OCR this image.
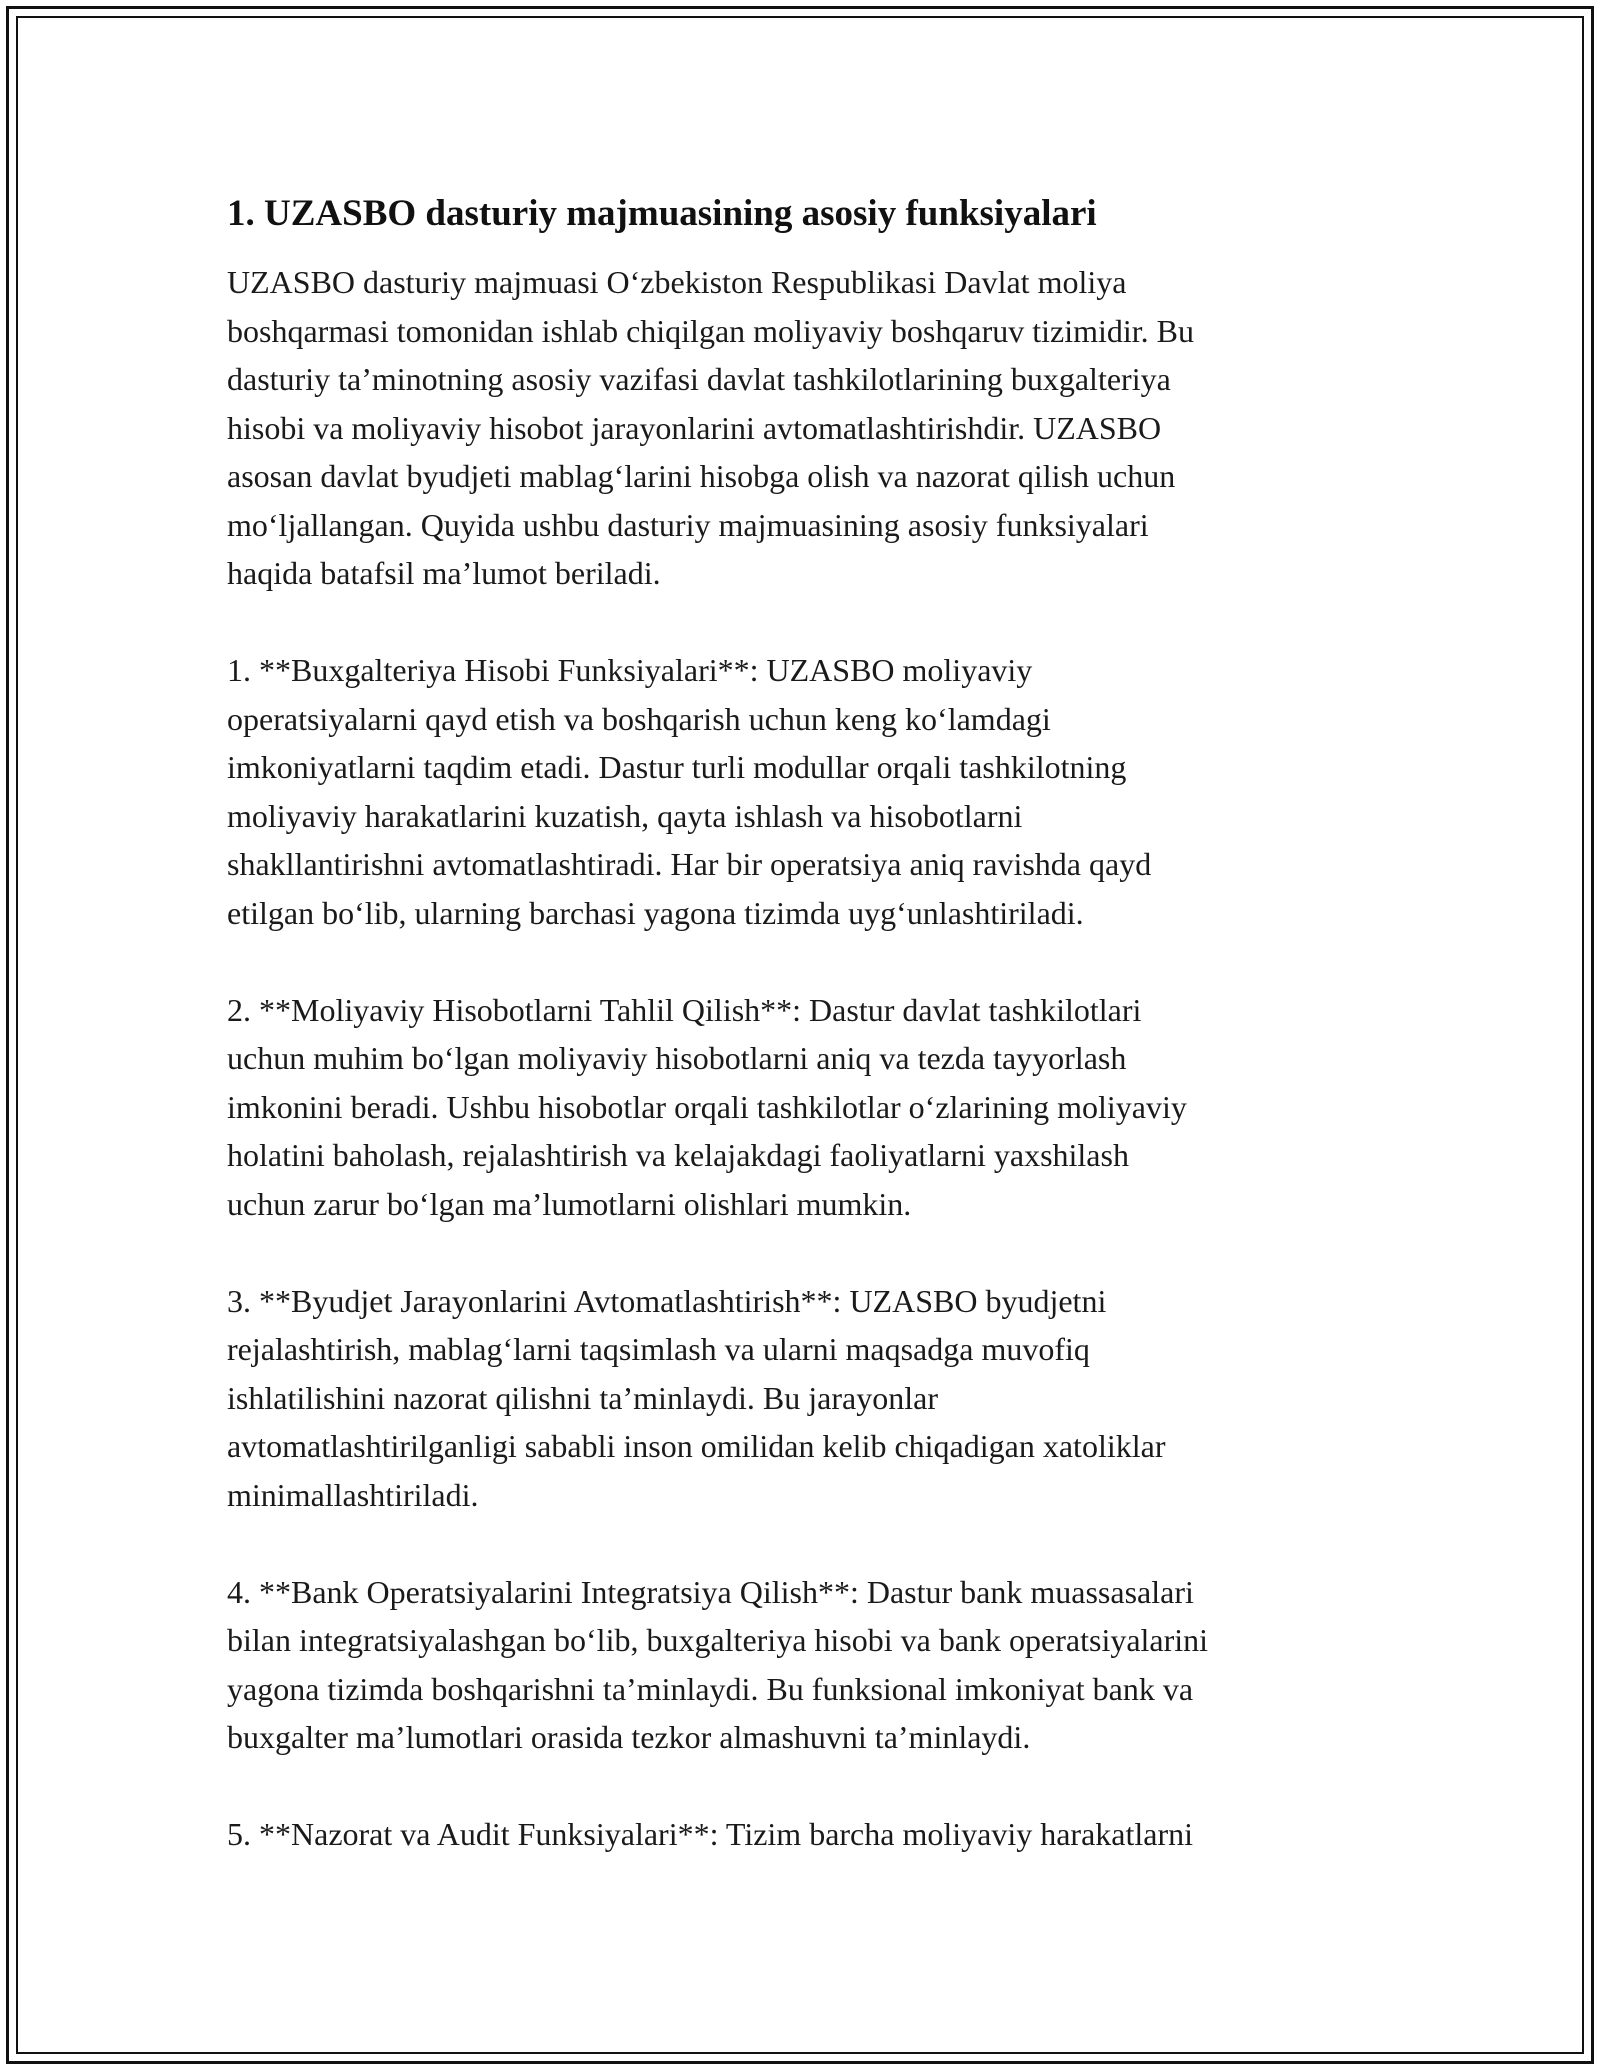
1. UZASBO dasturiy majmuasining asosiy funksiyalari

UZASBO dasturiy majmuasi O‘zbekiston Respublikasi Davlat moliya
boshqarmasi tomonidan ishlab chiqilgan moliyaviy boshqaruv tizimidir. Bu
dasturiy ta’minotning asosiy vazifasi davlat tashkilotlarining buxgalteriya
hisobi va moliyaviy hisobot jarayonlarini avtomatlashtirishdir. UZASBO
asosan davlat byudjeti mablag‘larini hisobga olish va nazorat qilish uchun
mo‘ljallangan. Quyida ushbu dasturiy majmuasining asosiy funksiyalari
haqida batafsil ma’lumot beriladi.

1. **Buxgalteriya Hisobi Funksiyalari**: UZASBO moliyaviy
operatsiyalarni qayd etish va boshqarish uchun keng ko‘lamdagi
imkoniyatlarni taqdim etadi. Dastur turli modullar orqali tashkilotning
moliyaviy harakatlarini kuzatish, qayta ishlash va hisobotlarni
shakllantirishni avtomatlashtiradi. Har bir operatsiya aniq ravishda qayd
etilgan bo‘lib, ularning barchasi yagona tizimda uyg‘unlashtiriladi.

2. **Moliyaviy Hisobotlarni Tahlil Qilish**: Dastur davlat tashkilotlari
uchun muhim bo‘lgan moliyaviy hisobotlarni aniq va tezda tayyorlash
imkonini beradi. Ushbu hisobotlar orqali tashkilotlar o‘zlarining moliyaviy
holatini baholash, rejalashtirish va kelajakdagi faoliyatlarni yaxshilash
uchun zarur bo‘lgan ma’lumotlarni olishlari mumkin.

3. **Byudjet Jarayonlarini Avtomatlashtirish**: UZASBO byudjetni
rejalashtirish, mablag‘larni taqsimlash va ularni maqsadga muvofiq
ishlatilishini nazorat qilishni ta’minlaydi. Bu jarayonlar
avtomatlashtirilganligi sababli inson omilidan kelib chiqadigan xatoliklar
minimallashtiriladi.

4. **Bank Operatsiyalarini Integratsiya Qilish**: Dastur bank muassasalari
bilan integratsiyalashgan bo‘lib, buxgalteriya hisobi va bank operatsiyalarini
yagona tizimda boshqarishni ta’minlaydi. Bu funksional imkoniyat bank va
buxgalter ma’lumotlari orasida tezkor almashuvni ta’minlaydi.

5. **Nazorat va Audit Funksiyalari**: Tizim barcha moliyaviy harakatlarni
